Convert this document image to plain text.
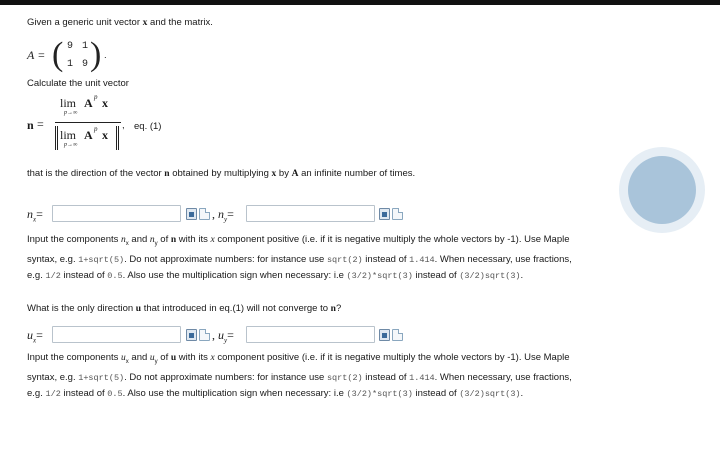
Given a generic unit vector x and the matrix.
A = ( 9 1
1 9 ) .
Calculate the unit vector
n =
lim A p x
p→∞
lim A p x
p→∞
, eq. (1)
that is the direction of the vector n obtained by multiplying x by A an infinite number of times.
$n_x=$	, $n_y=$
Input the components $n_x$ and $n_y$ of n with its x component positive (i.e. if it is negative multiply the whole vectors by -1). Use Maple
syntax, e.g. 1+sqrt(5). Do not approximate numbers: for instance use sqrt(2) instead of 1.414. When necessary, use fractions,
e.g. 1/2 instead of 0.5. Also use the multiplication sign when necessary: i.e (3/2)*sqrt(3) instead of (3/2)sqrt(3).
What is the only direction u that introduced in eq.(1) will not converge to n?
$u_x=$	, $u_y=$
Input the components $u_x$ and $u_y$ of u with its x component positive (i.e. if it is negative multiply the whole vectors by -1). Use Maple
syntax, e.g. 1+sqrt(5). Do not approximate numbers: for instance use sqrt(2) instead of 1.414. When necessary, use fractions,
e.g. 1/2 instead of 0.5. Also use the multiplication sign when necessary: i.e (3/2)*sqrt(3) instead of (3/2)sqrt(3).
